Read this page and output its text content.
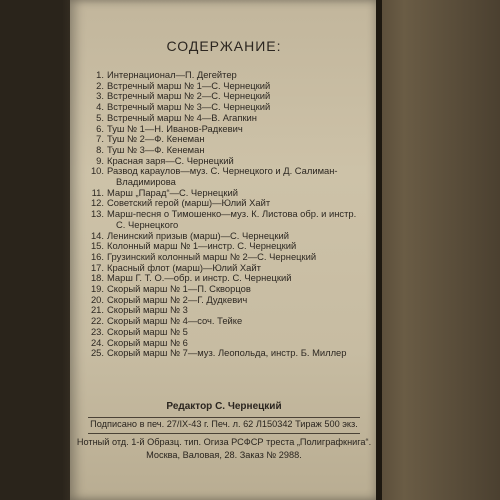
СОДЕРЖАНИЕ:
1. Интернационал—П. Дегейтер
2. Встречный марш № 1—С. Чернецкий
3. Встречный марш № 2—С. Чернецкий
4. Встречный марш № 3—С. Чернецкий
5. Встречный марш № 4—В. Агапкин
6. Туш № 1—Н. Иванов-Радкевич
7. Туш № 2—Ф. Кенеман
8. Туш № 3—Ф. Кенеман
9. Красная заря—С. Чернецкий
10. Развод караулов—муз. С. Чернецкого и Д. Салиман-
Владимирова
11. Марш „Парад“—С. Чернецкий
12. Советский герой (марш)—Юлий Хайт
13. Марш-песня о Тимошенко—муз. К. Листова обр. и инстр.
С. Чернецкого
14. Ленинский призыв (марш)—С. Чернецкий
15. Колонный марш № 1—инстр. С. Чернецкий
16. Грузинский колонный марш № 2—С. Чернецкий
17. Красный флот (марш)—Юлий Хайт
18. Марш Г. Т. О.—обр. и инстр. С. Чернецкий
19. Скорый марш № 1—П. Скворцов
20. Скорый марш № 2—Г. Дудкевич
21. Скорый марш № 3
22. Скорый марш № 4—соч. Тейке
23. Скорый марш № 5
24. Скорый марш № 6
25. Скорый марш № 7—муз. Леопольда, инстр. Б. Миллер
Редактор С. Чернецкий
Подписано в печ. 27/IX-43 г. Печ. л. 62 Л150342 Тираж 500 экз.
Нотный отд. 1-й Образц. тип. Огиза РСФСР треста „Полиграфкнига“.
Москва, Валовая, 28. Заказ № 2988.
